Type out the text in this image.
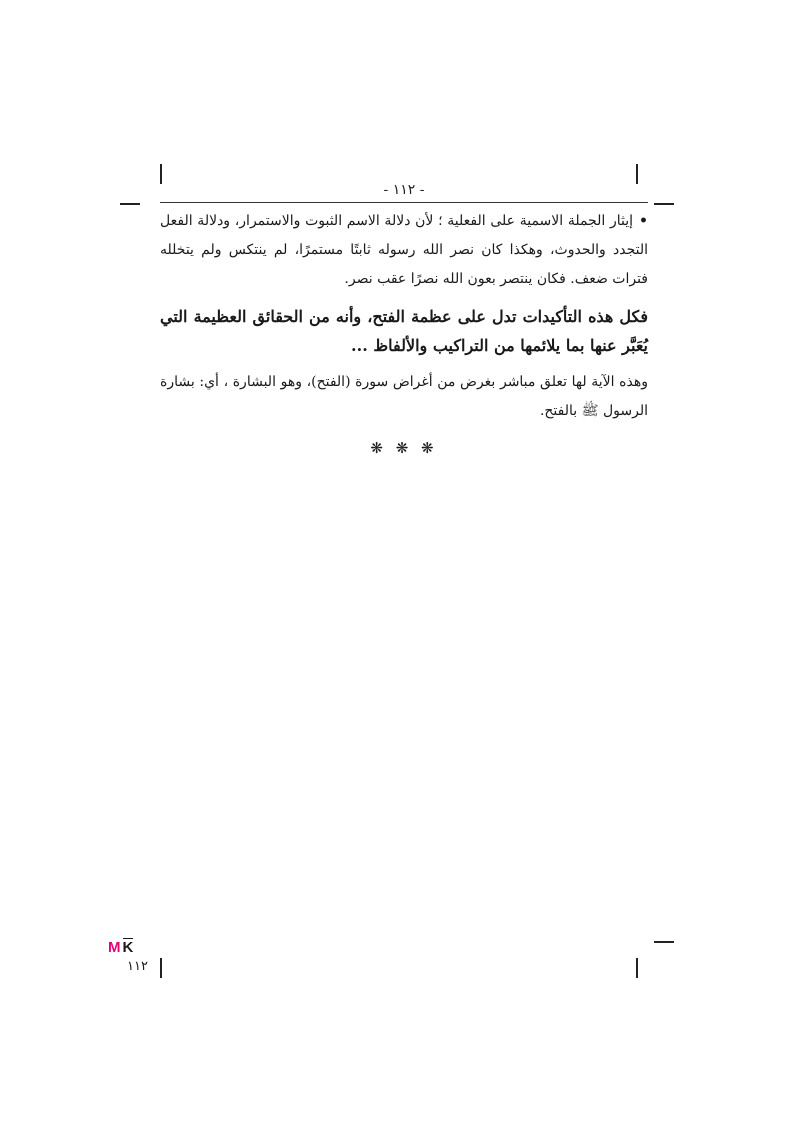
- ١١٢ -

•إيثار الجملة الاسمية على الفعلية ؛ لأن دلالة الاسم الثبوت والاستمرار، ودلالة الفعل التجدد والحدوث، وهكذا كان نصر الله رسوله ثابتًا مستمرًا، لم ينتكس ولم يتخلله فترات ضعف. فكان ينتصر بعون الله نصرًا عقب نصر.

فكل هذه التأكيدات تدل على عظمة الفتح، وأنه من الحقائق العظيمة التي يُعَبَّر عنها بما يلائمها من التراكيب والألفاظ ...

وهذه الآية لها تعلق مباشر بغرض من أغراض سورة (الفتح)، وهو البشارة ، أي: بشارة الرسول ﷺ بالفتح.

❋ ❋ ❋
M K
١١٢
